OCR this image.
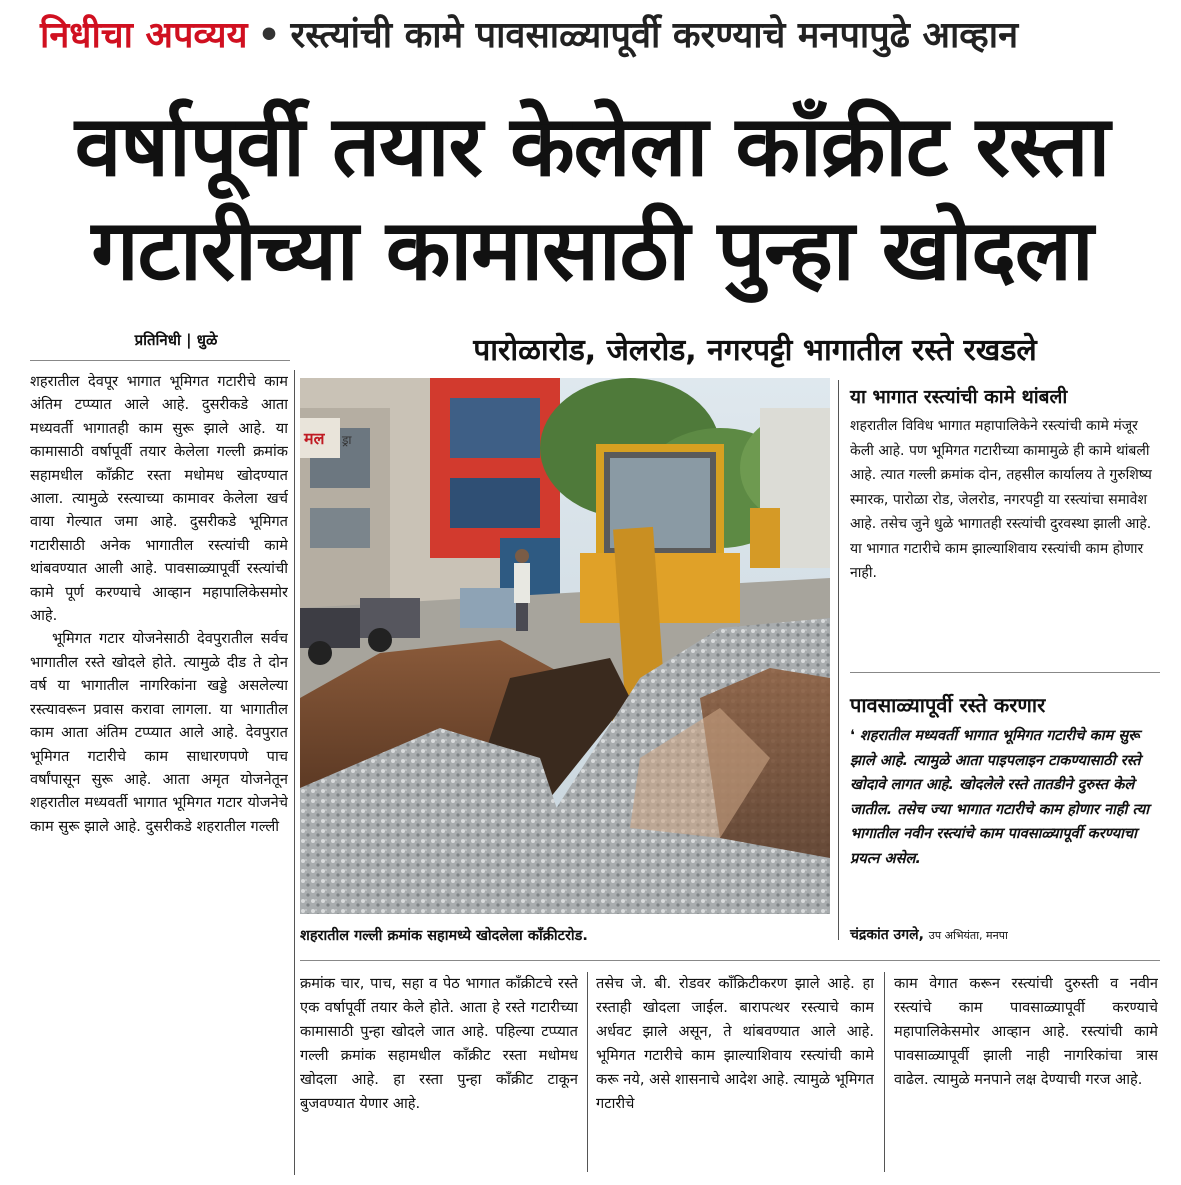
निधीचा अपव्यय • रस्त्यांची कामे पावसाळ्यापूर्वी करण्याचे मनपापुढे आव्हान
वर्षापूर्वी तयार केलेला काँक्रीट रस्ता
गटारीच्या कामासाठी पुन्हा खोदला
प्रतिनिधी | धुळे	पारोळारोड, जेलरोड, नगरपट्टी भागातील रस्ते रखडले

शहरातील देवपूर भागात भूमिगत गटारीचे काम अंतिम टप्प्यात आले आहे. दुसरीकडे आता मध्यवर्ती भागातही काम सुरू झाले आहे. या कामासाठी वर्षापूर्वी तयार केलेला गल्ली क्रमांक सहामधील काँक्रीट रस्ता मधोमध खोदण्यात आला. त्यामुळे रस्त्याच्या कामावर केलेला खर्च वाया गेल्यात जमा आहे. दुसरीकडे भूमिगत गटारीसाठी अनेक भागातील रस्त्यांची कामे थांबवण्यात आली आहे. पावसाळ्यापूर्वी रस्त्यांची कामे पूर्ण करण्याचे आव्हान महापालिकेसमोर आहे.

भूमिगत गटार योजनेसाठी देवपुरातील सर्वच भागातील रस्ते खोदले होते. त्यामुळे दीड ते दोन वर्ष या भागातील नागरिकांना खड्डे असलेल्या रस्त्यावरून प्रवास करावा लागला. या भागातील काम आता अंतिम टप्प्यात आले आहे. देवपुरात भूमिगत गटारीचे काम साधारणपणे पाच वर्षांपासून सुरू आहे. आता अमृत योजनेतून शहरातील मध्यवर्ती भागात भूमिगत गटार योजनेचे काम सुरू झाले आहे. दुसरीकडे शहरातील गल्ली

मल ड्रा
शहरातील गल्ली क्रमांक सहामध्ये खोदलेला काँक्रीटरोड.
या भागात रस्त्यांची कामे थांबली
शहरातील विविध भागात महापालिकेने रस्त्यांची कामे मंजूर केली आहे. पण भूमिगत गटारीच्या कामामुळे ही कामे थांबली आहे. त्यात गल्ली क्रमांक दोन, तहसील कार्यालय ते गुरुशिष्य स्मारक, पारोळा रोड, जेलरोड, नगरपट्टी या रस्त्यांचा समावेश आहे. तसेच जुने धुळे भागातही रस्त्यांची दुरवस्था झाली आहे. या भागात गटारीचे काम झाल्याशिवाय रस्त्यांची काम होणार नाही.
पावसाळ्यापूर्वी रस्ते करणार
❛ शहरातील मध्यवर्ती भागात भूमिगत गटारीचे काम सुरू झाले आहे. त्यामुळे आता पाइपलाइन टाकण्यासाठी रस्ते खोदावे लागत आहे. खोदलेले रस्ते तातडीने दुरुस्त केले जातील. तसेच ज्या भागात गटारीचे काम होणार नाही त्या भागातील नवीन रस्त्यांचे काम पावसाळ्यापूर्वी करण्याचा प्रयत्न असेल.
चंद्रकांत उगले, उप अभियंता, मनपा

क्रमांक चार, पाच, सहा व पेठ भागात काँक्रीटचे रस्ते एक वर्षापूर्वी तयार केले होते. आता हे रस्ते गटारीच्या कामासाठी पुन्हा खोदले जात आहे. पहिल्या टप्प्यात गल्ली क्रमांक सहामधील काँक्रीट रस्ता मधोमध खोदला आहे. हा रस्ता पुन्हा काँक्रीट टाकून बुजवण्यात येणार आहे.

तसेच जे. बी. रोडवर काँक्रिटीकरण झाले आहे. हा रस्ताही खोदला जाईल. बारापत्थर रस्त्याचे काम अर्धवट झाले असून, ते थांबवण्यात आले आहे. भूमिगत गटारीचे काम झाल्याशिवाय रस्त्यांची कामे करू नये, असे शासनाचे आदेश आहे. त्यामुळे भूमिगत गटारीचे

काम वेगात करून रस्त्यांची दुरुस्ती व नवीन रस्त्यांचे काम पावसाळ्यापूर्वी करण्याचे महापालिकेसमोर आव्हान आहे. रस्त्यांची कामे पावसाळ्यापूर्वी झाली नाही नागरिकांचा त्रास वाढेल. त्यामुळे मनपाने लक्ष देण्याची गरज आहे.
